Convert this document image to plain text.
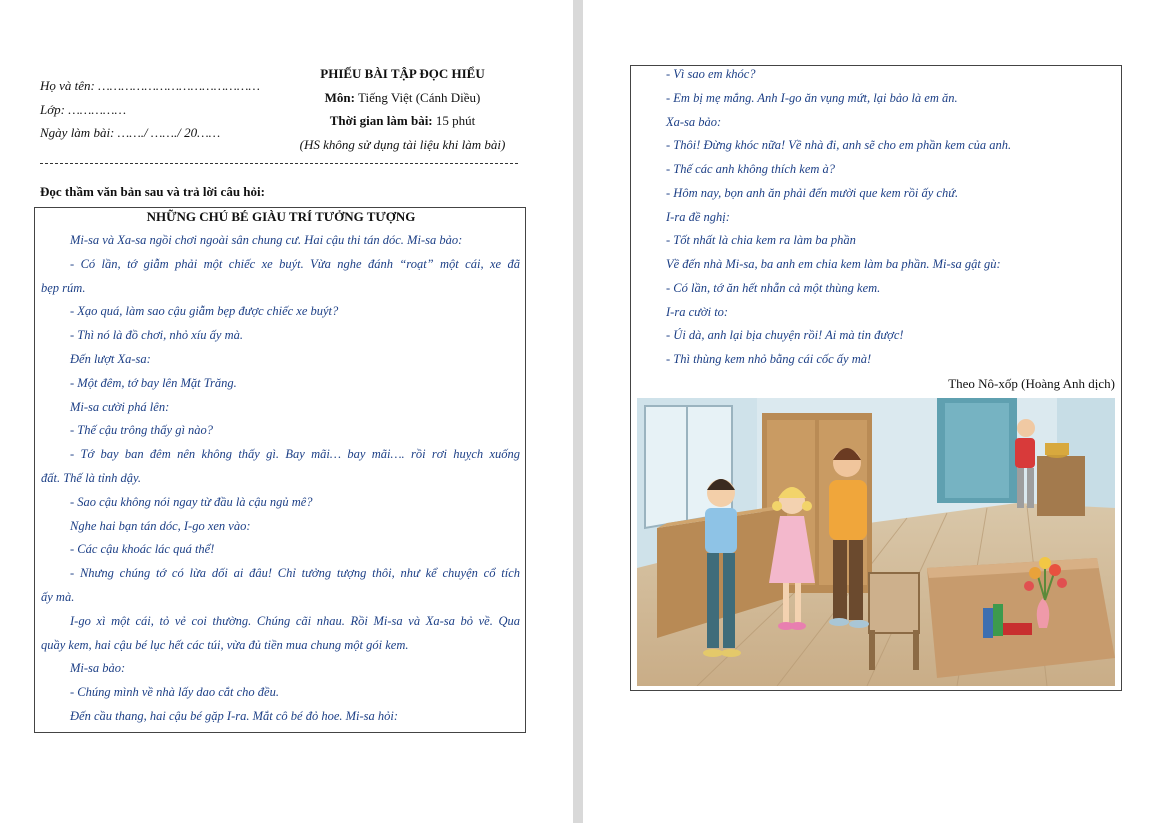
Họ và tên: ……………………………………
Lớp: ……………
Ngày làm bài: ……./ ……./ 20……
PHIẾU BÀI TẬP ĐỌC HIỂU
Môn: Tiếng Việt (Cánh Diều)
Thời gian làm bài: 15 phút
(HS không sử dụng tài liệu khi làm bài)
Đọc thầm văn bản sau và trả lời câu hỏi:
NHỮNG CHÚ BÉ GIÀU TRÍ TƯỞNG TƯỢNG
Mi-sa và Xa-sa ngồi chơi ngoài sân chung cư. Hai cậu thi tán dóc. Mi-sa bảo:
- Có lần, tớ giẫm phải một chiếc xe buýt. Vừa nghe đánh “roạt” một cái, xe đã
bẹp rúm.
- Xạo quá, làm sao cậu giẫm bẹp được chiếc xe buýt?
- Thì nó là đồ chơi, nhỏ xíu ấy mà.
Đến lượt Xa-sa:
- Một đêm, tớ bay lên Mặt Trăng.
Mi-sa cười phá lên:
- Thế cậu trông thấy gì nào?
- Tớ bay ban đêm nên không thấy gì. Bay mãi… bay mãi…. rồi rơi huỵch xuống
đất. Thế là tỉnh dậy.
- Sao cậu không nói ngay từ đầu là cậu ngủ mê?
Nghe hai bạn tán dóc, I-go xen vào:
- Các cậu khoác lác quá thể!
- Nhưng chúng tớ có lừa dối ai đâu! Chỉ tưởng tượng thôi, như kể chuyện cổ tích
ấy mà.
I-go xì một cái, tỏ vẻ coi thường. Chúng cãi nhau. Rồi Mi-sa và Xa-sa bỏ về. Qua
quầy kem, hai cậu bé lục hết các túi, vừa đủ tiền mua chung một gói kem.
Mi-sa bảo:
- Chúng mình về nhà lấy dao cắt cho đều.
Đến cầu thang, hai cậu bé gặp I-ra. Mắt cô bé đỏ hoe. Mi-sa hỏi:
- Vì sao em khóc?
- Em bị mẹ mắng. Anh I-go ăn vụng mứt, lại bảo là em ăn.
Xa-sa bảo:
- Thôi! Đừng khóc nữa! Về nhà đi, anh sẽ cho em phần kem của anh.
- Thế các anh không thích kem à?
- Hôm nay, bọn anh ăn phải đến mười que kem rồi ấy chứ.
I-ra đề nghị:
- Tốt nhất là chia kem ra làm ba phần
Về đến nhà Mi-sa, ba anh em chia kem làm ba phần. Mi-sa gật gù:
- Có lần, tớ ăn hết nhẵn cả một thùng kem.
I-ra cười to:
- Úi dà, anh lại bịa chuyện rồi! Ai mà tin được!
- Thì thùng kem nhỏ bằng cái cốc ấy mà!
Theo Nô-xốp (Hoàng Anh dịch)
